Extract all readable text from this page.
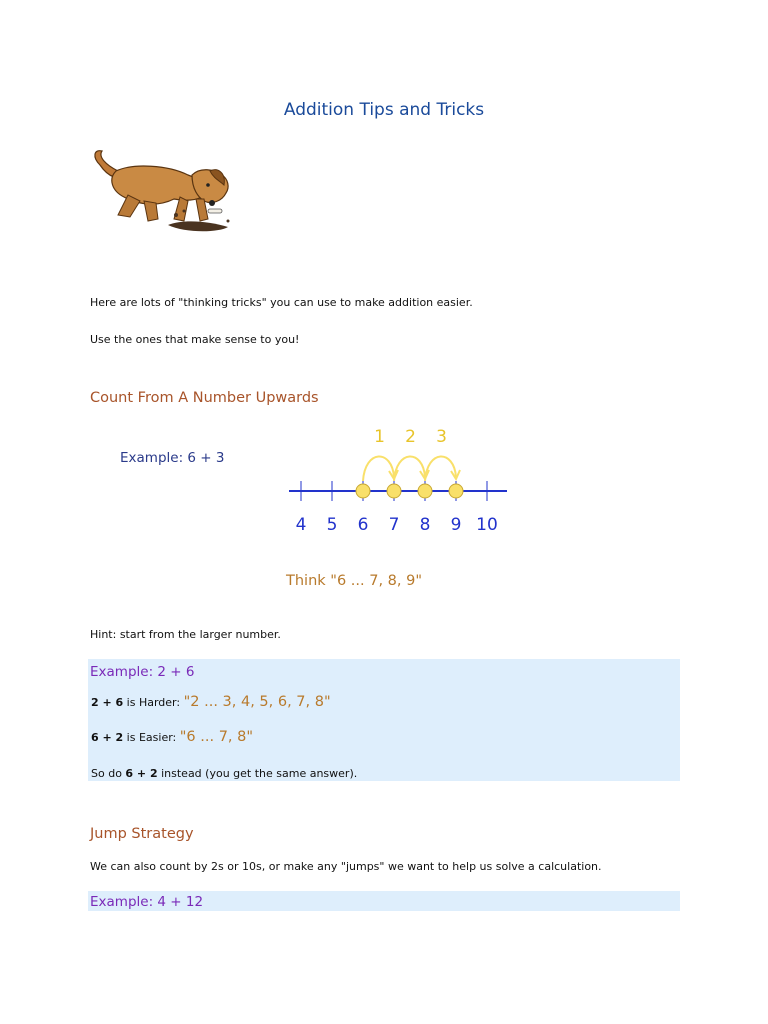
Addition Tips and Tricks
Here are lots of "thinking tricks" you can use to make addition easier.
Use the ones that make sense to you!
Count From A Number Upwards
Example: 6 + 3
4 5 6 7 8 9 10
1 2 3
Think "6 ... 7, 8, 9"
Hint: start from the larger number.
Example: 2 + 6
2 + 6 is Harder: "2 ... 3, 4, 5, 6, 7, 8"
6 + 2 is Easier: "6 ... 7, 8"
So do 6 + 2 instead (you get the same answer).
Jump Strategy
We can also count by 2s or 10s, or make any "jumps" we want to help us solve a calculation.
Example: 4 + 12
